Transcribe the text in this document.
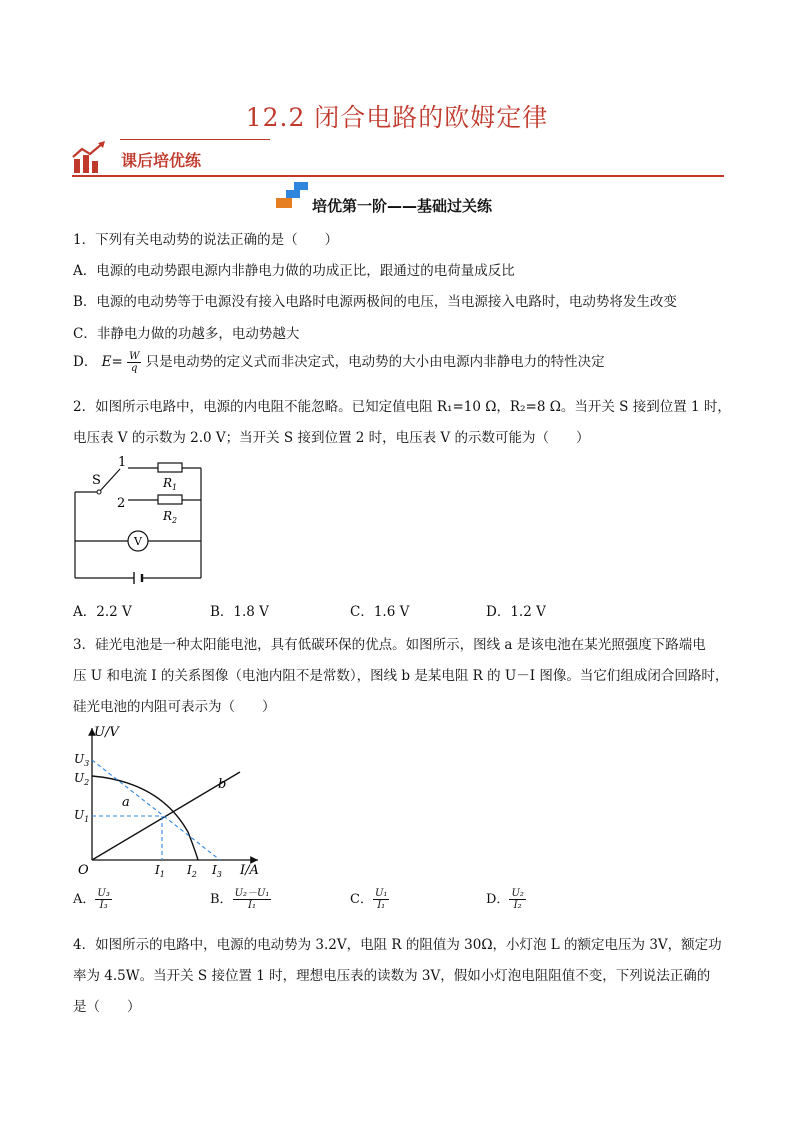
12.2 闭合电路的欧姆定律
课后培优练
培优第一阶——基础过关练
1．下列有关电动势的说法正确的是（　　）
A．电源的电动势跟电源内非静电力做的功成正比，跟通过的电荷量成反比
B．电源的电动势等于电源没有接入电路时电源两极间的电压，当电源接入电路时，电动势将发生改变
C．非静电力做的功越多，电动势越大
D． $E= \frac{W}{q}$ 只是电动势的定义式而非决定式，电动势的大小由电源内非静电力的特性决定
2．如图所示电路中，电源的内电阻不能忽略。已知定值电阻 R₁=10 Ω，R₂=8 Ω。当开关 S 接到位置 1 时，
电压表 V 的示数为 2.0 V；当开关 S 接到位置 2 时，电压表 V 的示数可能为（　　）
S
1
2
$R_1$
$R_2$
V
A．2.2 V	B．1.8 V	C．1.6 V	D．1.2 V
3．硅光电池是一种太阳能电池，具有低碳环保的优点。如图所示，图线 a 是该电池在某光照强度下路端电
压 U 和电流 I 的关系图像（电池内阻不是常数），图线 b 是某电阻 R 的 U－I 图像。当它们组成闭合回路时，
硅光电池的内阻可表示为（　　）
U/V
I/A
O
$U_3$
$U_2$
$U_1$
$I_1$ $I_2$ $I_3$
a
b
A． $\frac{\text{U₃}}{\text{I₃}}$	B． $\frac{\text{U₂－U₁}}{\text{I₁}}$	C． $\frac{\text{U₁}}{\text{I₁}}$	D． $\frac{\text{U₂}}{\text{I₂}}$
4．如图所示的电路中，电源的电动势为 3.2V，电阻 R 的阻值为 30Ω，小灯泡 L 的额定电压为 3V，额定功
率为 4.5W。当开关 S 接位置 1 时，理想电压表的读数为 3V，假如小灯泡电阻阻值不变，下列说法正确的
是（　　）
